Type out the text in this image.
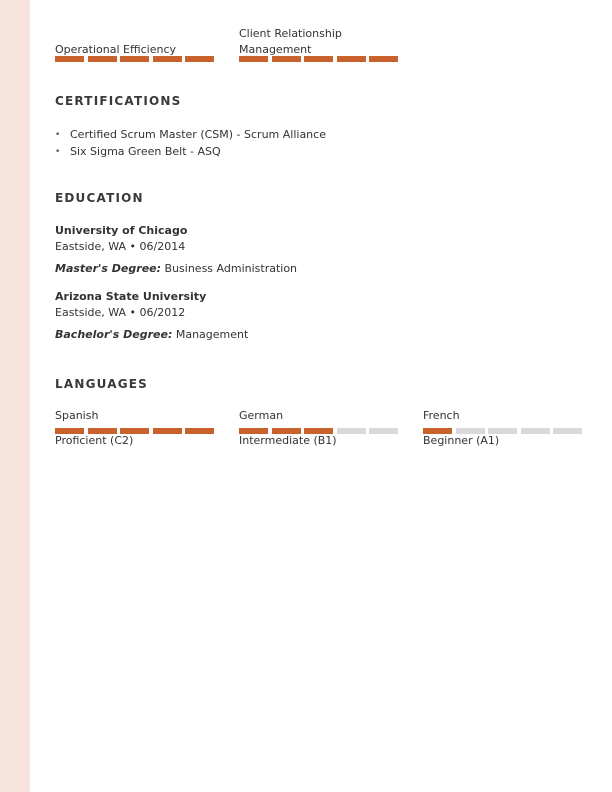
Operational Efficiency
Client Relationship Management
CERTIFICATIONS
• Certified Scrum Master (CSM) - Scrum Alliance
• Six Sigma Green Belt - ASQ
EDUCATION
University of Chicago
Eastside, WA • 06/2014
Master's Degree: Business Administration
Arizona State University
Eastside, WA • 06/2012
Bachelor's Degree: Management
LANGUAGES
Spanish
Proficient (C2)
German
Intermediate (B1)
French
Beginner (A1)
